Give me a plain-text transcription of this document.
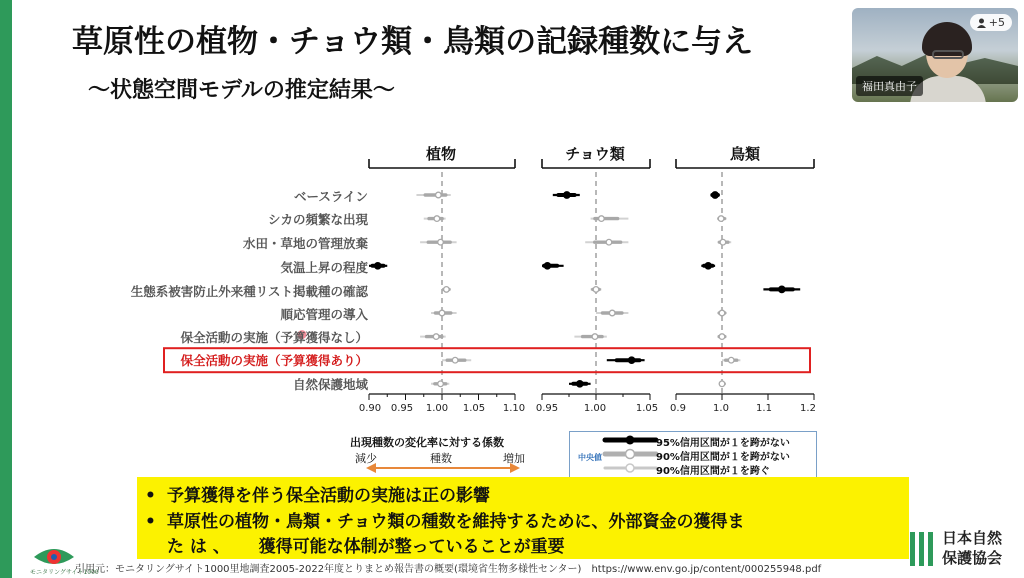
草原性の植物・チョウ類・鳥類の記録種数に与え
〜状態空間モデルの推定結果〜
+5
福田真由子
植物	チョウ類	鳥類
ベースライン
シカの頻繁な出現
水田・草地の管理放棄
気温上昇の程度
生態系被害防止外来種リスト掲載種の確認
順応管理の導入
保全活動の実施（予算獲得なし）
保全活動の実施（予算獲得あり）
自然保護地域
0.90 0.95	1.00	1.05	1.10	0.95	1.00	1.05	0.9	1.0	1.1	1.2
出現種数の変化率に対する係数
減少	種数	増加	中央値
95%信用区間が１を跨がない
90%信用区間が１を跨がない
90%信用区間が１を跨ぐ
• 予算獲得を伴う保全活動の実施は正の影響
• 草原性の植物・鳥類・チョウ類の種数を維持するために、外部資金の獲得ま
た は 、 　 獲得可能な体制が整っていることが重要
引用元：モニタリングサイト1000里地調査2005-2022年度とりまとめ報告書の概要(環境省生物多様性センター)　https://www.env.go.jp/content/000255948.pdf
モニタリングサイト1000
日本自然
保護協会
